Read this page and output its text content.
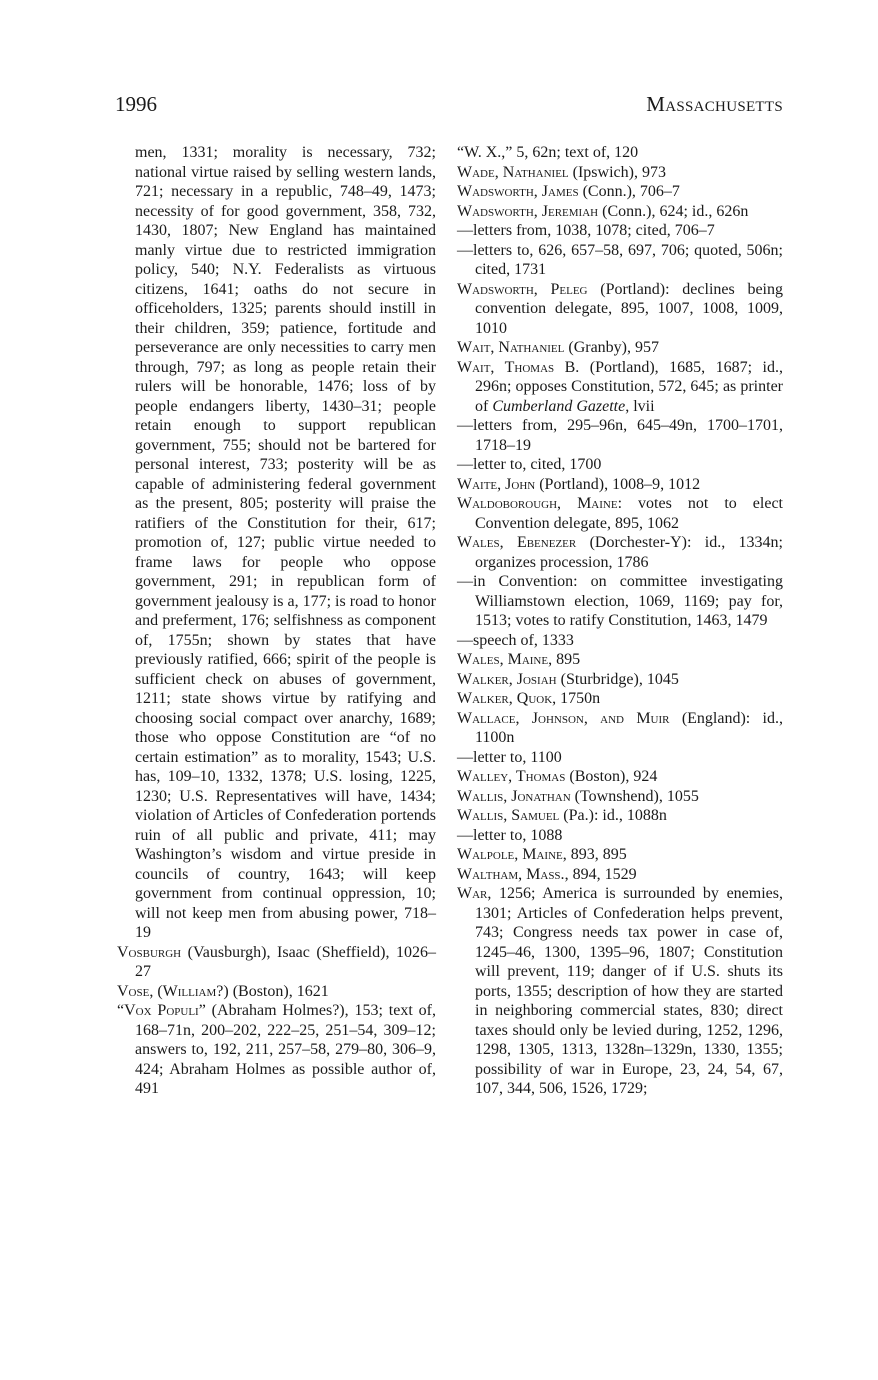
1996	Massachusetts

men, 1331; morality is necessary, 732; national virtue raised by selling western lands, 721; necessary in a republic, 748–49, 1473; necessity of for good government, 358, 732, 1430, 1807; New England has maintained manly virtue due to restricted immigration policy, 540; N.Y. Federalists as virtuous citizens, 1641; oaths do not secure in officeholders, 1325; parents should instill in their children, 359; patience, fortitude and perseverance are only necessities to carry men through, 797; as long as people retain their rulers will be honorable, 1476; loss of by people endangers liberty, 1430–31; people retain enough to support republican government, 755; should not be bartered for personal interest, 733; posterity will be as capable of administering federal government as the present, 805; posterity will praise the ratifiers of the Constitution for their, 617; promotion of, 127; public virtue needed to frame laws for people who oppose government, 291; in republican form of government jealousy is a, 177; is road to honor and preferment, 176; selfishness as component of, 1755n; shown by states that have previously ratified, 666; spirit of the people is sufficient check on abuses of government, 1211; state shows virtue by ratifying and choosing social compact over anarchy, 1689; those who oppose Constitution are “of no certain estimation” as to morality, 1543; U.S. has, 109–10, 1332, 1378; U.S. losing, 1225, 1230; U.S. Representatives will have, 1434; violation of Articles of Confederation portends ruin of all public and private, 411; may Washington’s wisdom and virtue preside in councils of country, 1643; will keep government from continual oppression, 10; will not keep men from abusing power, 718–19

Vosburgh (Vausburgh), Isaac (Sheffield), 1026–27

Vose, (William?) (Boston), 1621

“Vox Populi” (Abraham Holmes?), 153; text of, 168–71n, 200–202, 222–25, 251–54, 309–12; answers to, 192, 211, 257–58, 279–80, 306–9, 424; Abraham Holmes as possible author of, 491

“W. X.,” 5, 62n; text of, 120

Wade, Nathaniel (Ipswich), 973

Wadsworth, James (Conn.), 706–7

Wadsworth, Jeremiah (Conn.), 624; id., 626n

—letters from, 1038, 1078; cited, 706–7

—letters to, 626, 657–58, 697, 706; quoted, 506n; cited, 1731

Wadsworth, Peleg (Portland): declines being convention delegate, 895, 1007, 1008, 1009, 1010

Wait, Nathaniel (Granby), 957

Wait, Thomas B. (Portland), 1685, 1687; id., 296n; opposes Constitution, 572, 645; as printer of Cumberland Gazette, lvii

—letters from, 295–96n, 645–49n, 1700–1701, 1718–19

—letter to, cited, 1700

Waite, John (Portland), 1008–9, 1012

Waldoborough, Maine: votes not to elect Convention delegate, 895, 1062

Wales, Ebenezer (Dorchester-Y): id., 1334n; organizes procession, 1786

—in Convention: on committee investigating Williamstown election, 1069, 1169; pay for, 1513; votes to ratify Constitution, 1463, 1479

—speech of, 1333

Wales, Maine, 895

Walker, Josiah (Sturbridge), 1045

Walker, Quok, 1750n

Wallace, Johnson, and Muir (England): id., 1100n

—letter to, 1100

Walley, Thomas (Boston), 924

Wallis, Jonathan (Townshend), 1055

Wallis, Samuel (Pa.): id., 1088n

—letter to, 1088

Walpole, Maine, 893, 895

Waltham, Mass., 894, 1529

War, 1256; America is surrounded by enemies, 1301; Articles of Confederation helps prevent, 743; Congress needs tax power in case of, 1245–46, 1300, 1395–96, 1807; Constitution will prevent, 119; danger of if U.S. shuts its ports, 1355; description of how they are started in neighboring commercial states, 830; direct taxes should only be levied during, 1252, 1296, 1298, 1305, 1313, 1328n–1329n, 1330, 1355; possibility of war in Europe, 23, 24, 54, 67, 107, 344, 506, 1526, 1729;
